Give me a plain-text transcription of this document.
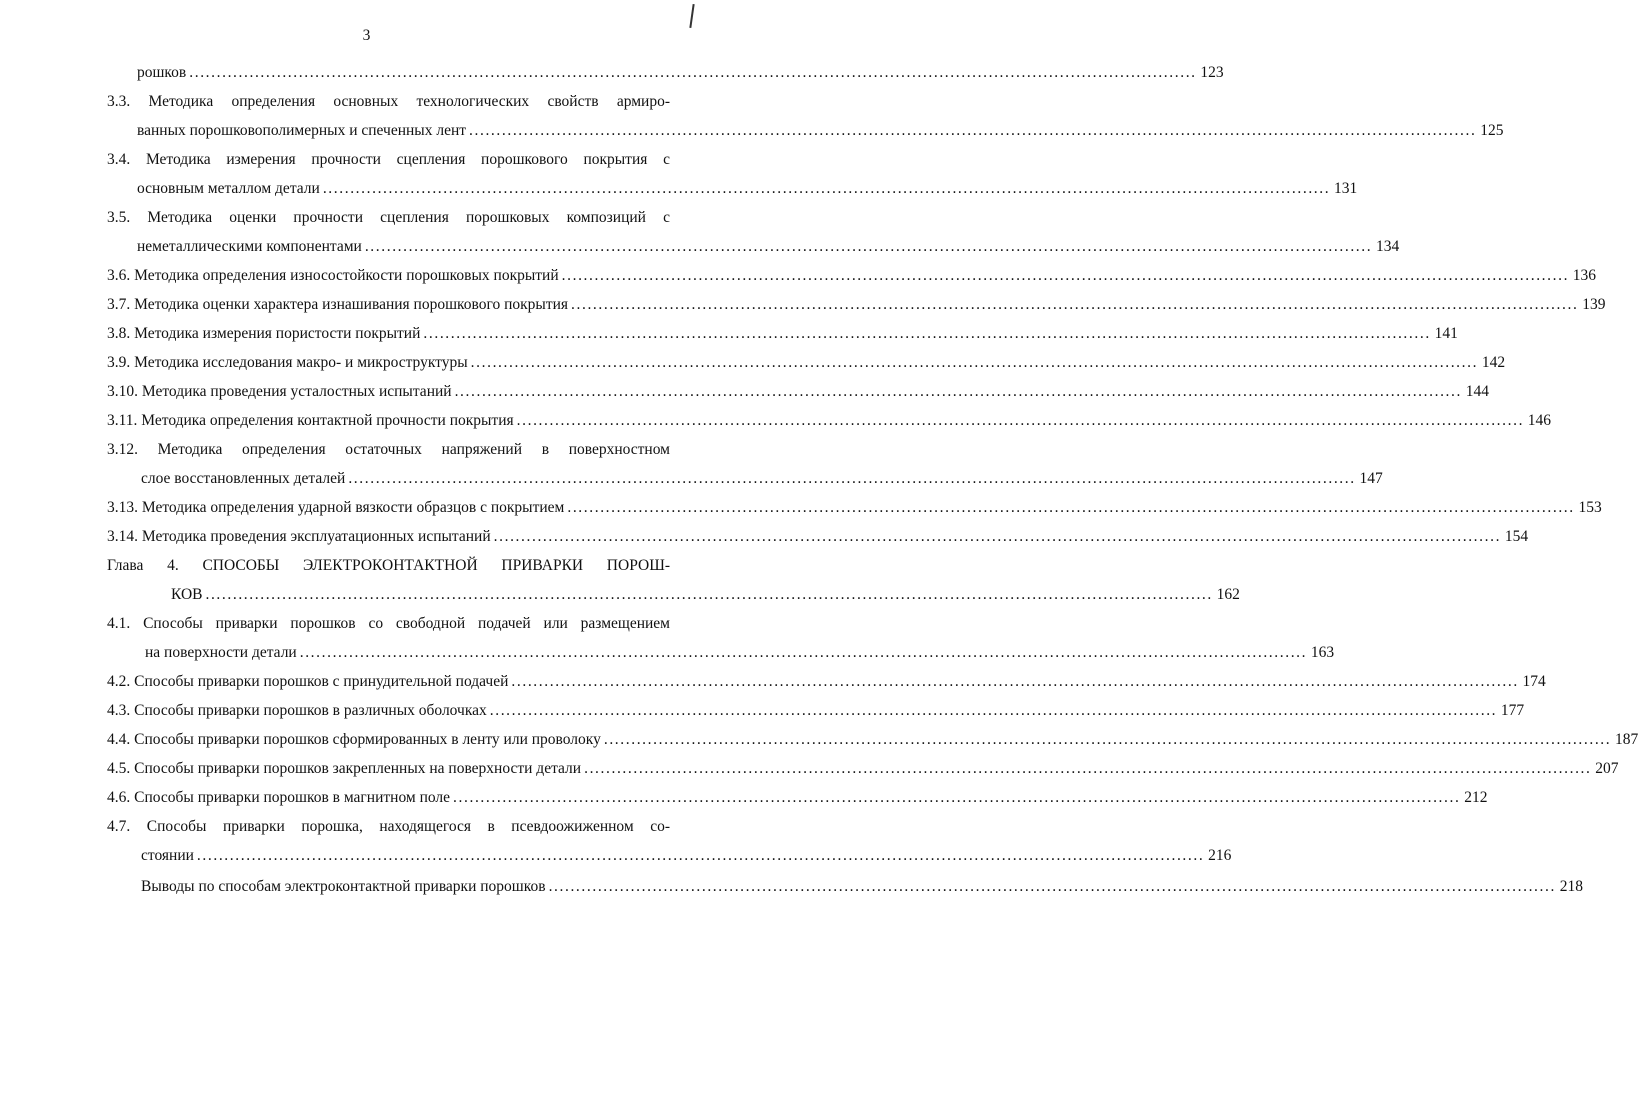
3
рошков .....	123
3.3. Методика определения основных технологических свойств армиро-
ванных порошковополимерных и спеченных лент .....	125
3.4. Методика измерения прочности сцепления порошкового покрытия с
основным металлом детали .....	131
3.5. Методика оценки прочности сцепления порошковых композиций с
неметаллическими компонентами .....	134
3.6. Методика определения износостойкости порошковых покрытий .....	136
3.7. Методика оценки характера изнашивания порошкового покрытия .....	139
3.8. Методика измерения пористости покрытий .....	141
3.9. Методика исследования макро- и микроструктуры .....	142
3.10. Методика проведения усталостных испытаний .....	144
3.11. Методика определения контактной прочности покрытия .....	146
3.12. Методика определения остаточных напряжений в поверхностном
слое восстановленных деталей .....	147
3.13. Методика определения ударной вязкости образцов с покрытием .....	153
3.14. Методика проведения эксплуатационных испытаний .....	154
Глава 4. СПОСОБЫ ЭЛЕКТРОКОНТАКТНОЙ ПРИВАРКИ ПОРОШ-
КОВ .....	162
4.1. Способы приварки порошков со свободной подачей или размещением
на поверхности детали .....	163
4.2. Способы приварки порошков с принудительной подачей .....	174
4.3. Способы приварки порошков в различных оболочках .....	177
4.4. Способы приварки порошков сформированных в ленту или проволоку .....	187
4.5. Способы приварки порошков закрепленных на поверхности детали .....	207
4.6. Способы приварки порошков в магнитном поле .....	212
4.7. Способы приварки порошка, находящегося в псевдоожиженном со-
стоянии .....	216
Выводы по способам электроконтактной приварки порошков .....	218
